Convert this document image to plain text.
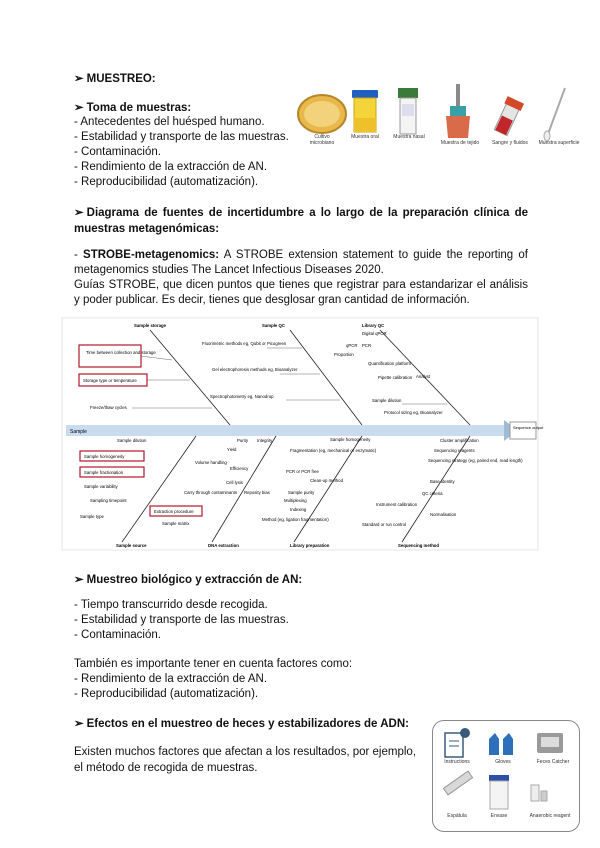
➢ MUESTREO:
➢ Toma de muestras:
- Antecedentes del huésped humano.
- Estabilidad y transporte de las muestras.
- Contaminación.
- Rendimiento de la extracción de AN.
- Reproducibilidad (automatización).
Cultivo microbiano
Muestra oral	Muestra nasal
Muestra de tejido	Sangre y fluidos	Muestra superficie
➢ Diagrama de fuentes de incertidumbre a lo largo de la preparación clínica de muestras metagenómicas:
- STROBE-metagenomics: A STROBE extension statement to guide the reporting of metagenomics studies The Lancet Infectious Diseases 2020.
Guías STROBE, que dicen puntos que tienes que registrar para estandarizar el análisis y poder publicar. Es decir, tienes que desglosar gran cantidad de información.
Sample
Sequence output
Sample storage	Sample QC	Library QC
Sample source	DNA extraction	Library preparation	Sequencing method
Time between collection and storage
Storage type or temperature
Freeze/thaw cycles
Fluorimetric methods eg, Qubit or Picogreen
Gel electrophoresis methods eg, Bioanalyzer
Spectrophotometry eg, Nanodrop
Digital qPCR
qPCR PCR
Proportion
Quantification platform
Pipette calibration Analyst
Sample dilution
Protocol sizing eg, Bioanalyzer
Sample dilution
Sample homogeneity
Sample fractionation
Sample variability
Sampling timepoint
Sample type
Sample matrix
Purity Integrity
Yield
Volume handling
Efficiency
Cell lysis
Carry through contaminants Reposity bias
Extraction procedure
Fragmentation (eg, mechanical or enzymatic)
PCR or PCR free
Clean-up method
Sample purity
Multiplexing
Indexing
Method (eg, ligation fragmentation)
Sample homogeneity	Cluster amplification
Sequencing reagents
Sequencing strategy (eg, paired end, read length)
Base identity
QC criteria
Instrument calibration
Normalisation
Standard or run control
➢ Muestreo biológico y extracción de AN:
- Tiempo transcurrido desde recogida.
- Estabilidad y transporte de las muestras.
- Contaminación.
También es importante tener en cuenta factores como:
- Rendimiento de la extracción de AN.
- Reproducibilidad (automatización).
➢ Efectos en el muestreo de heces y estabilizadores de ADN:
Existen muchos factores que afectan a los resultados, por ejemplo, el método de recogida de muestras.	Instructions	Gloves	Feces Catcher
Espátula	Envase	Anaerobic reagent
